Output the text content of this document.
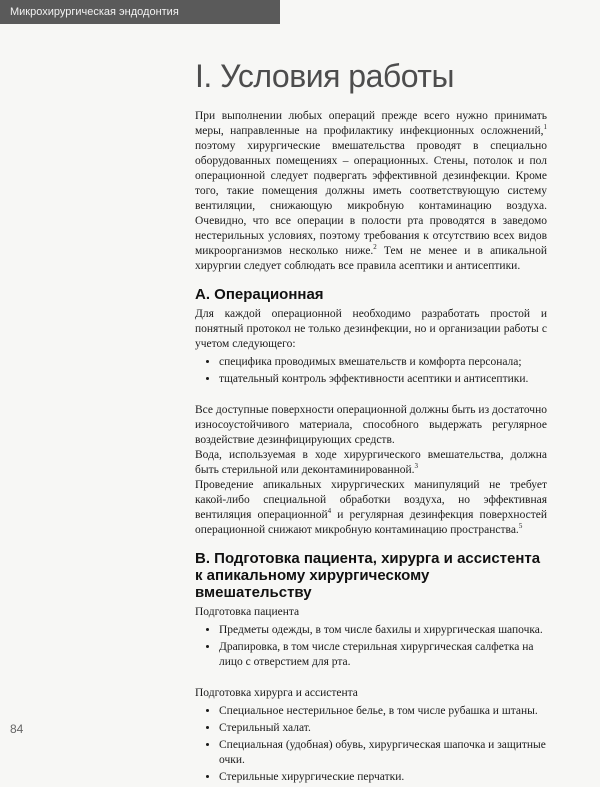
Микрохирургическая эндодонтия
I. Условия работы

При выполнении любых операций прежде всего нужно принимать меры, направленные на профилактику инфекционных осложнений,$^1$ поэтому хирургические вмешательства проводят в специально оборудованных помещениях – операционных. Стены, потолок и пол операционной следует подвергать эффективной дезинфекции. Кроме того, такие помещения должны иметь соответствующую систему вентиляции, снижающую микробную контаминацию воздуха. Очевидно, что все операции в полости рта проводятся в заведомо нестерильных условиях, поэтому требования к отсутствию всех видов микроорганизмов несколько ниже.$^2$ Тем не менее и в апикальной хирургии следует соблюдать все правила асептики и антисептики.

A. Операционная

Для каждой операционной необходимо разработать простой и понятный протокол не только дезинфекции, но и организации работы с учетом следующего:

• специфика проводимых вмешательств и комфорта персонала;
• тщательный контроль эффективности асептики и антисептики.

Все доступные поверхности операционной должны быть из достаточно износоустойчивого материала, способного выдержать регулярное воздействие дезинфицирующих средств.

Вода, используемая в ходе хирургического вмешательства, должна быть стерильной или деконтаминированной.$^3$

Проведение апикальных хирургических манипуляций не требует какой-либо специальной обработки воздуха, но эффективная вентиляция операционной$^4$ и регулярная дезинфекция поверхностей операционной снижают микробную контаминацию пространства.$^5$

B. Подготовка пациента, хирурга и ассистента
к апикальному хирургическому вмешательству

Подготовка пациента

• Предметы одежды, в том числе бахилы и хирургическая шапочка.
• Драпировка, в том числе стерильная хирургическая салфетка на лицо с отверстием для рта.

Подготовка хирурга и ассистента

• Специальное нестерильное белье, в том числе рубашка и штаны.
• Стерильный халат.
• Специальная (удобная) обувь, хирургическая шапочка и защитные очки.
• Стерильные хирургические перчатки.
84
